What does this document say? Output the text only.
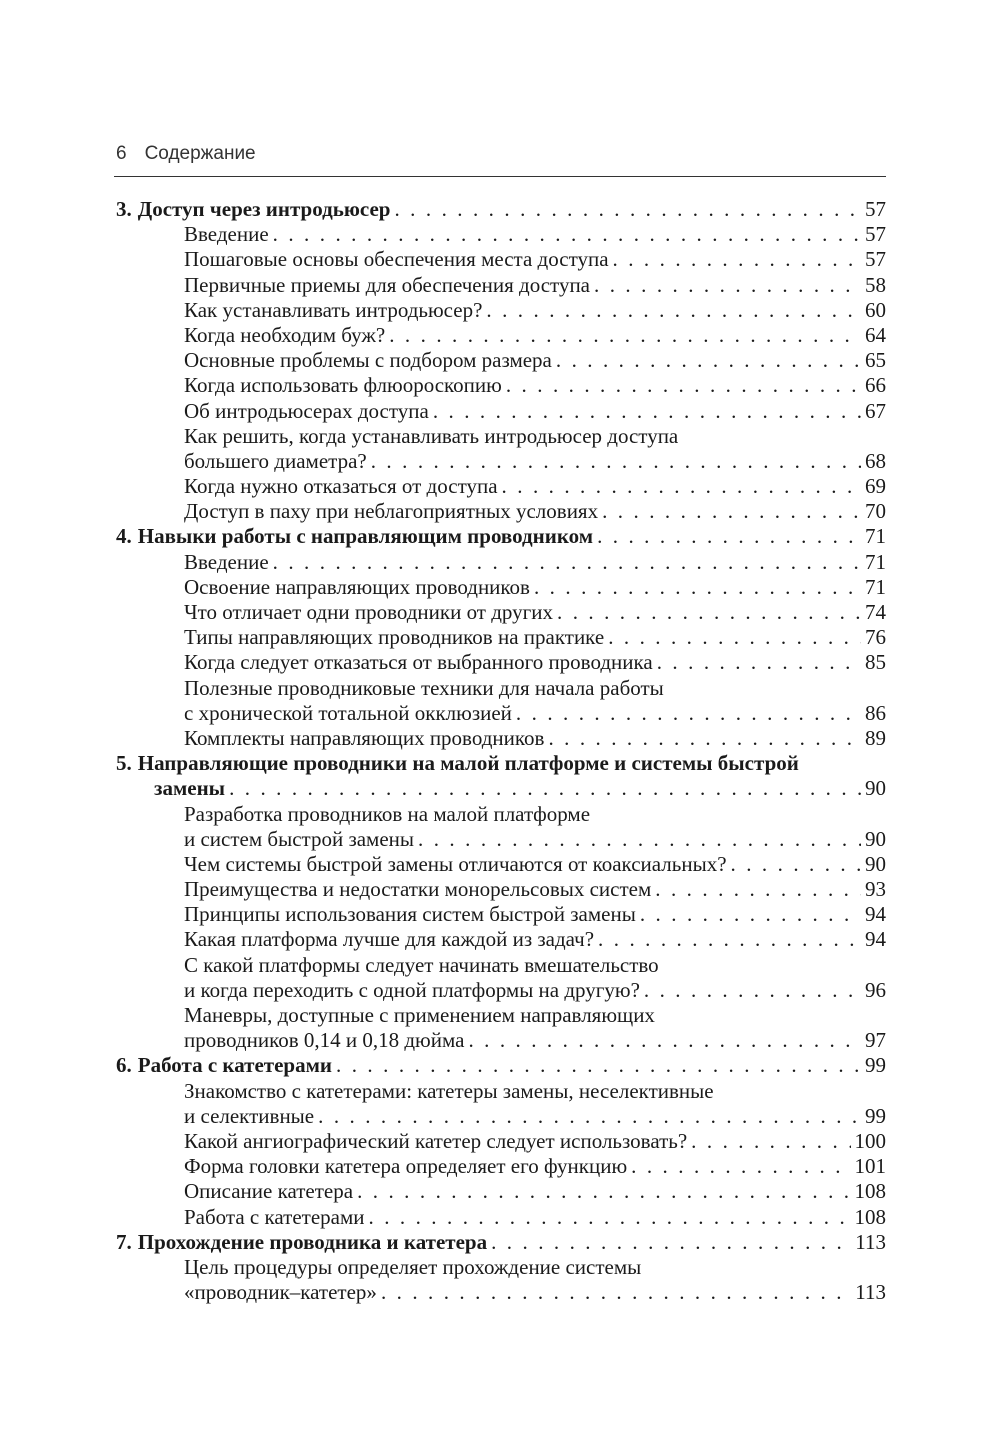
6 Содержание
3. Доступ через интродьюсер . . .	57
Введение . . .	57
Пошаговые основы обеспечения места доступа . . .	57
Первичные приемы для обеспечения доступа . . .	58
Как устанавливать интродьюсер? . . .	60
Когда необходим буж? . . .	64
Основные проблемы с подбором размера . . .	65
Когда использовать флюороскопию . . .	66
Об интродьюсерах доступа . . .	67
Как решить, когда устанавливать интродьюсер доступа
большего диаметра? . . .	68
Когда нужно отказаться от доступа . . .	69
Доступ в паху при неблагоприятных условиях . . .	70
4. Навыки работы с направляющим проводником . . .	71
Введение . . .	71
Освоение направляющих проводников . . .	71
Что отличает одни проводники от других . . .	74
Типы направляющих проводников на практике . . .	76
Когда следует отказаться от выбранного проводника . . .	85
Полезные проводниковые техники для начала работы
с хронической тотальной окклюзией . . .	86
Комплекты направляющих проводников . . .	89
5. Направляющие проводники на малой платформе и системы быстрой
замены . . .	90
Разработка проводников на малой платформе
и систем быстрой замены . . .	90
Чем системы быстрой замены отличаются от коаксиальных? . . .	90
Преимущества и недостатки монорельсовых систем . . .	93
Принципы использования систем быстрой замены . . .	94
Какая платформа лучше для каждой из задач? . . .	94
С какой платформы следует начинать вмешательство
и когда переходить с одной платформы на другую? . . .	96
Маневры, доступные с применением направляющих
проводников 0,14 и 0,18 дюйма . . .	97
6. Работа с катетерами . . .	99
Знакомство с катетерами: катетеры замены, неселективные
и селективные . . .	99
Какой ангиографический катетер следует использовать? . . .	100
Форма головки катетера определяет его функцию . . .	101
Описание катетера . . .	108
Работа с катетерами . . .	108
7. Прохождение проводника и катетера . . .	113
Цель процедуры определяет прохождение системы
«проводник–катетер» . . .	113
